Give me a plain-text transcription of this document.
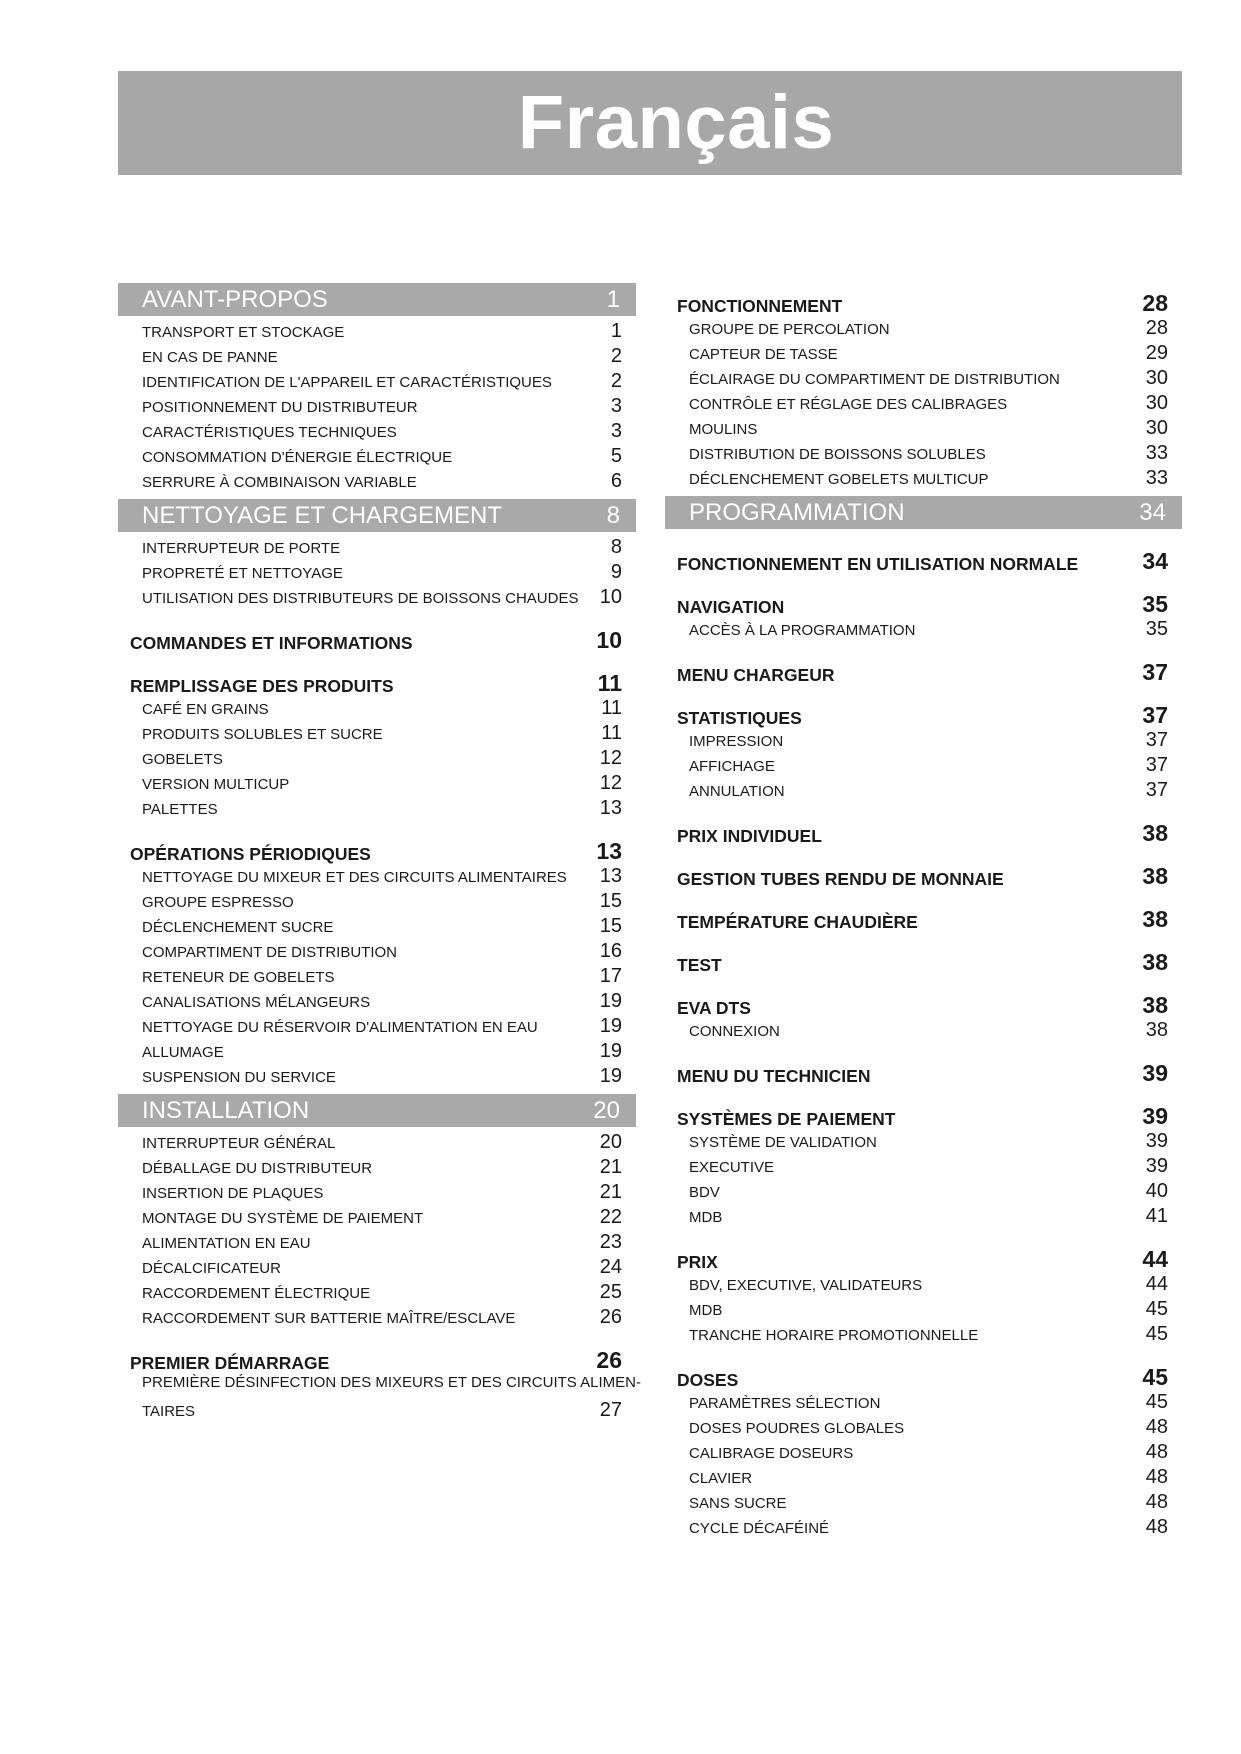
Français
AVANT-PROPOS	1
TRANSPORT ET STOCKAGE	1
EN CAS DE PANNE	2
IDENTIFICATION DE L'APPAREIL ET CARACTÉRISTIQUES	2
POSITIONNEMENT DU DISTRIBUTEUR	3
CARACTÉRISTIQUES TECHNIQUES	3
CONSOMMATION D'ÉNERGIE ÉLECTRIQUE	5
SERRURE À COMBINAISON VARIABLE	6
NETTOYAGE ET CHARGEMENT	8
INTERRUPTEUR DE PORTE	8
PROPRETÉ ET NETTOYAGE	9
UTILISATION DES DISTRIBUTEURS DE BOISSONS CHAUDES 10
COMMANDES ET INFORMATIONS	10
REMPLISSAGE DES PRODUITS	11
CAFÉ EN GRAINS	11
PRODUITS SOLUBLES ET SUCRE	11
GOBELETS	12
VERSION MULTICUP	12
PALETTES	13
OPÉRATIONS PÉRIODIQUES	13
NETTOYAGE DU MIXEUR ET DES CIRCUITS ALIMENTAIRES 13
GROUPE ESPRESSO	15
DÉCLENCHEMENT SUCRE	15
COMPARTIMENT DE DISTRIBUTION	16
RETENEUR DE GOBELETS	17
CANALISATIONS MÉLANGEURS	19
NETTOYAGE DU RÉSERVOIR D'ALIMENTATION EN EAU	19
ALLUMAGE	19
SUSPENSION DU SERVICE	19
INSTALLATION	20
INTERRUPTEUR GÉNÉRAL	20
DÉBALLAGE DU DISTRIBUTEUR	21
INSERTION DE PLAQUES	21
MONTAGE DU SYSTÈME DE PAIEMENT	22
ALIMENTATION EN EAU	23
DÉCALCIFICATEUR	24
RACCORDEMENT ÉLECTRIQUE	25
RACCORDEMENT SUR BATTERIE MAÎTRE/ESCLAVE	26
PREMIER DÉMARRAGE	26
PREMIÈRE DÉSINFECTION DES MIXEURS ET DES CIRCUITS ALIMEN-
TAIRES	27
FONCTIONNEMENT	28
GROUPE DE PERCOLATION	28
CAPTEUR DE TASSE	29
ÉCLAIRAGE DU COMPARTIMENT DE DISTRIBUTION	30
CONTRÔLE ET RÉGLAGE DES CALIBRAGES	30
MOULINS	30
DISTRIBUTION DE BOISSONS SOLUBLES	33
DÉCLENCHEMENT GOBELETS MULTICUP	33
PROGRAMMATION	34
FONCTIONNEMENT EN UTILISATION NORMALE	34
NAVIGATION	35
ACCÈS À LA PROGRAMMATION	35
MENU CHARGEUR	37
STATISTIQUES	37
IMPRESSION	37
AFFICHAGE	37
ANNULATION	37
PRIX INDIVIDUEL	38
GESTION TUBES RENDU DE MONNAIE	38
TEMPÉRATURE CHAUDIÈRE	38
TEST	38
EVA DTS	38
CONNEXION	38
MENU DU TECHNICIEN	39
SYSTÈMES DE PAIEMENT	39
SYSTÈME DE VALIDATION	39
EXECUTIVE	39
BDV	40
MDB	41
PRIX	44
BDV, EXECUTIVE, VALIDATEURS	44
MDB	45
TRANCHE HORAIRE PROMOTIONNELLE	45
DOSES	45
PARAMÈTRES SÉLECTION	45
DOSES POUDRES GLOBALES	48
CALIBRAGE DOSEURS	48
CLAVIER	48
SANS SUCRE	48
CYCLE DÉCAFÉINÉ	48
